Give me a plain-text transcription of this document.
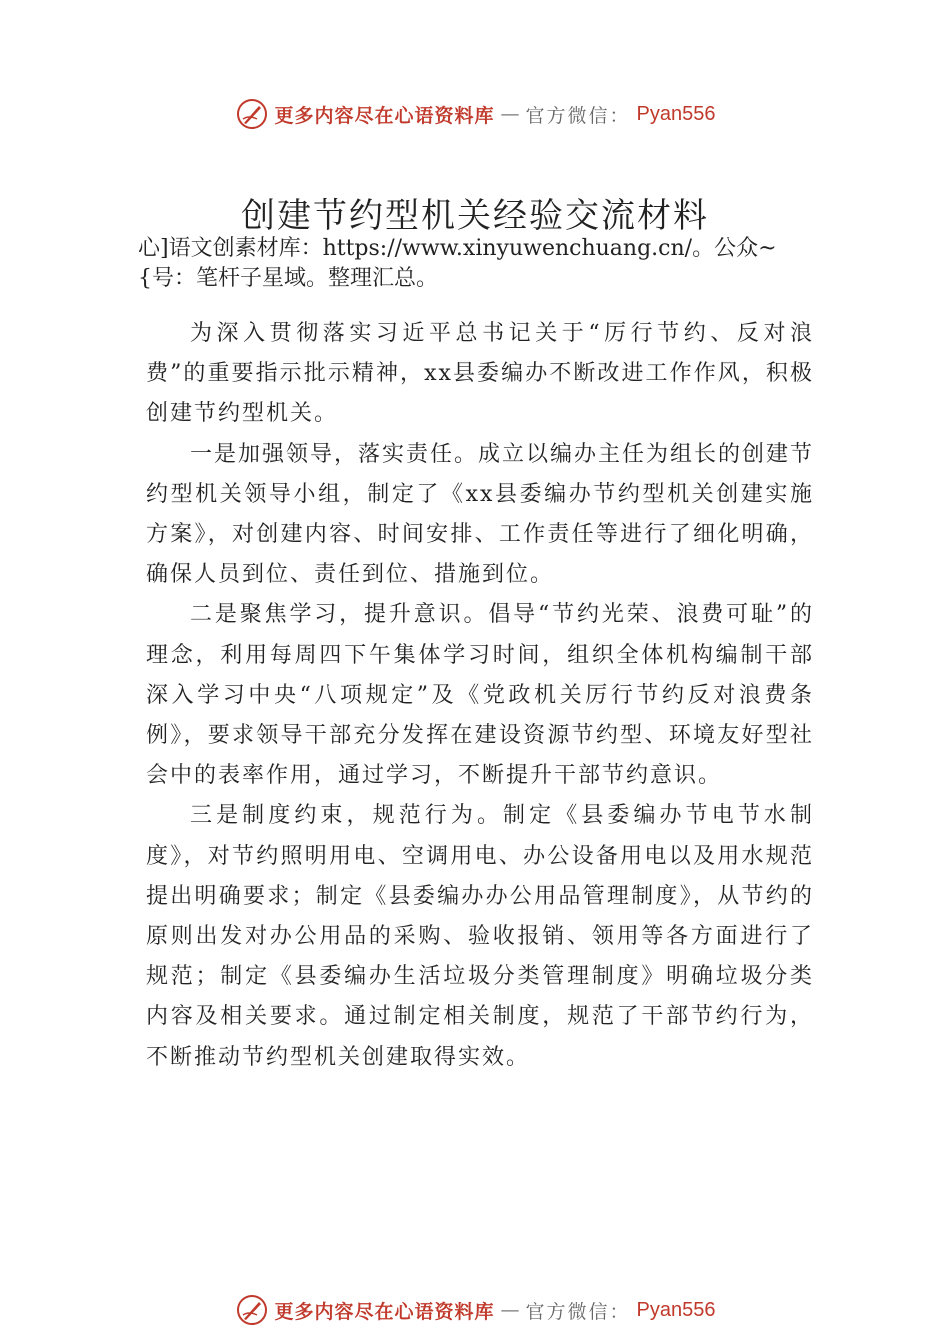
更多内容尽在心语资料库 — 官方微信： Pyan556
创建节约型机关经验交流材料
心]语文创素材库：https://www.xinyuwenchuang.cn/。公众~
{号：笔杆子星域。整理汇总。

为深入贯彻落实习近平总书记关于“厉行节约、反对浪费”的重要指示批示精神，xx县委编办不断改进工作作风，积极创建节约型机关。

一是加强领导，落实责任。成立以编办主任为组长的创建节约型机关领导小组，制定了《xx县委编办节约型机关创建实施方案》，对创建内容、时间安排、工作责任等进行了细化明确，确保人员到位、责任到位、措施到位。

二是聚焦学习，提升意识。倡导“节约光荣、浪费可耻”的理念，利用每周四下午集体学习时间，组织全体机构编制干部深入学习中央“八项规定”及《党政机关厉行节约反对浪费条例》，要求领导干部充分发挥在建设资源节约型、环境友好型社会中的表率作用，通过学习，不断提升干部节约意识。

三是制度约束，规范行为。制定《县委编办节电节水制度》，对节约照明用电、空调用电、办公设备用电以及用水规范提出明确要求；制定《县委编办办公用品管理制度》，从节约的原则出发对办公用品的采购、验收报销、领用等各方面进行了规范；制定《县委编办生活垃圾分类管理制度》明确垃圾分类内容及相关要求。通过制定相关制度，规范了干部节约行为，不断推动节约型机关创建取得实效。

更多内容尽在心语资料库 — 官方微信： Pyan556
